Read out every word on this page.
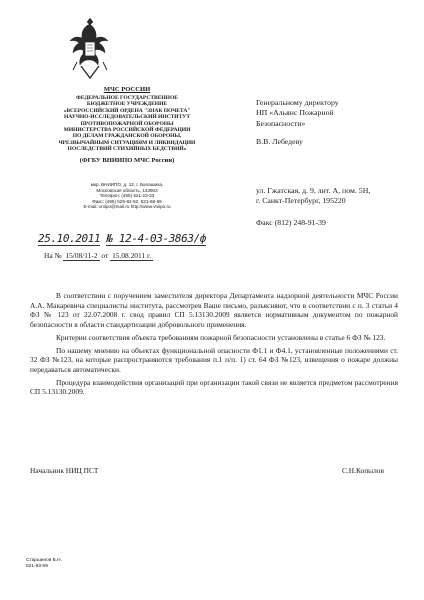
МЧС РОССИИ
ФЕДЕРАЛЬНОЕ ГОСУДАРСТВЕННОЕ
БЮДЖЕТНОЕ УЧРЕЖДЕНИЕ
«ВСЕРОССИЙСКИЙ ОРДЕНА "ЗНАК ПОЧЕТА"
НАУЧНО-ИССЛЕДОВАТЕЛЬСКИЙ ИНСТИТУТ
ПРОТИВОПОЖАРНОЙ ОБОРОНЫ
МИНИСТЕРСТВА РОССИЙСКОЙ ФЕДЕРАЦИИ
ПО ДЕЛАМ ГРАЖДАНСКОЙ ОБОРОНЫ,
ЧРЕЗВЫЧАЙНЫМ СИТУАЦИЯМ И ЛИКВИДАЦИИ
ПОСЛЕДСТВИЙ СТИХИЙНЫХ БЕДСТВИЙ»
(ФГБУ ВНИИПО МЧС России)
мкр. ВНИИПО, д. 12, г. Балашиха,
Московская область, 143903
Телефон: (495) 521-23-33
Факс: (495) 529-82-52, 521-68-69
E-mail: vniipo@mail.ru http://www.vniipo.ru
25.10.2011 № 12-4-03-3863/ф
На № 15/08/11-2 от 15.08.2011 г.
Генеральному директору
НП «Альянс Пожарной
Безопасности»
В.В. Лебедеву
ул. Гжатская, д. 9, лит. А, пом. 5Н,
г. Санкт-Петербург, 195220
Факс (812) 248-91-39

В соответствии с поручением заместителя директора Департамента надзорной деятельности МЧС России А.А. Макаревича специалисты института, рассмотрев Ваше письмо, разъясняют, что в соответствии с п. 3 статьи 4 ФЗ № 123 от 22.07.2008 г. свод правил СП 5.13130.2009 является нормативным документом по пожарной безопасности в области стандартизации добровольного применения.

Критерии соответствия объекта требованиям пожарной безопасности установлены в статье 6 ФЗ № 123.

По нашему мнению на объектах функциональной опасности Ф1.1 и Ф4.1, установленные положениями ст. 32 ФЗ №123, на которые распространяются требования п.1 п/п. 1) ст. 64 ФЗ №123, извещения о пожаре должны передаваться автоматически.

Процедура взаимодействия организаций при организации такой связи не является предметом рассмотрения СП 5.13130.2009.

Начальник НИЦ ПСТ	С.Н.Копылов
Старшинов Б.Н.
521-93-69
